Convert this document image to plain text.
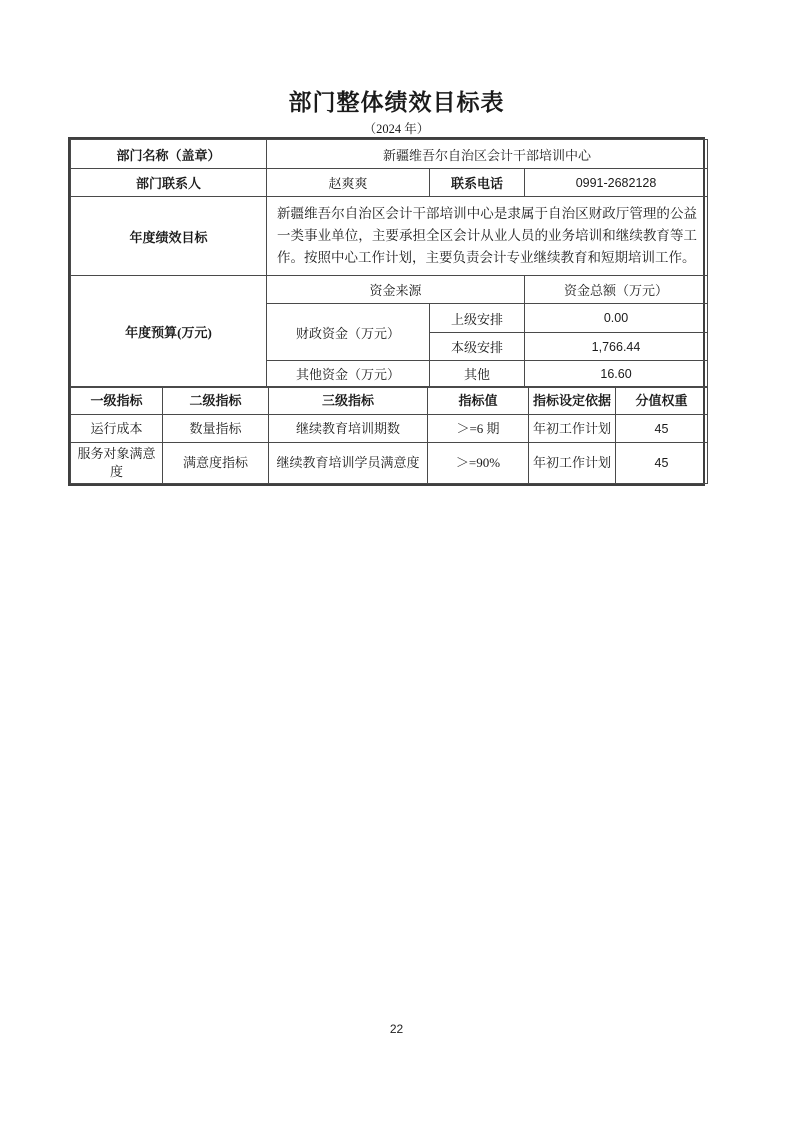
部门整体绩效目标表
（2024 年）
部门名称（盖章）	新疆维吾尔自治区会计干部培训中心		
部门联系人	赵爽爽	联系电话	0991-2682128
年度绩效目标	新疆维吾尔自治区会计干部培训中心是隶属于自治区财政厅管理的公益一类事业单位，主要承担全区会计从业人员的业务培训和继续教育等工作。按照中心工作计划，主要负责会计专业继续教育和短期培训工作。		
年度预算(万元)	资金来源		资金总额（万元）
	财政资金（万元）	上级安排	0.00
		本级安排	1,766.44
	其他资金（万元）	其他	16.60
一级指标	二级指标	三级指标	指标值	指标设定依据	分值权重
运行成本	数量指标	继续教育培训期数	＞=6 期	年初工作计划	45
服务对象满意度	满意度指标	继续教育培训学员满意度	＞=90%	年初工作计划	45
22
